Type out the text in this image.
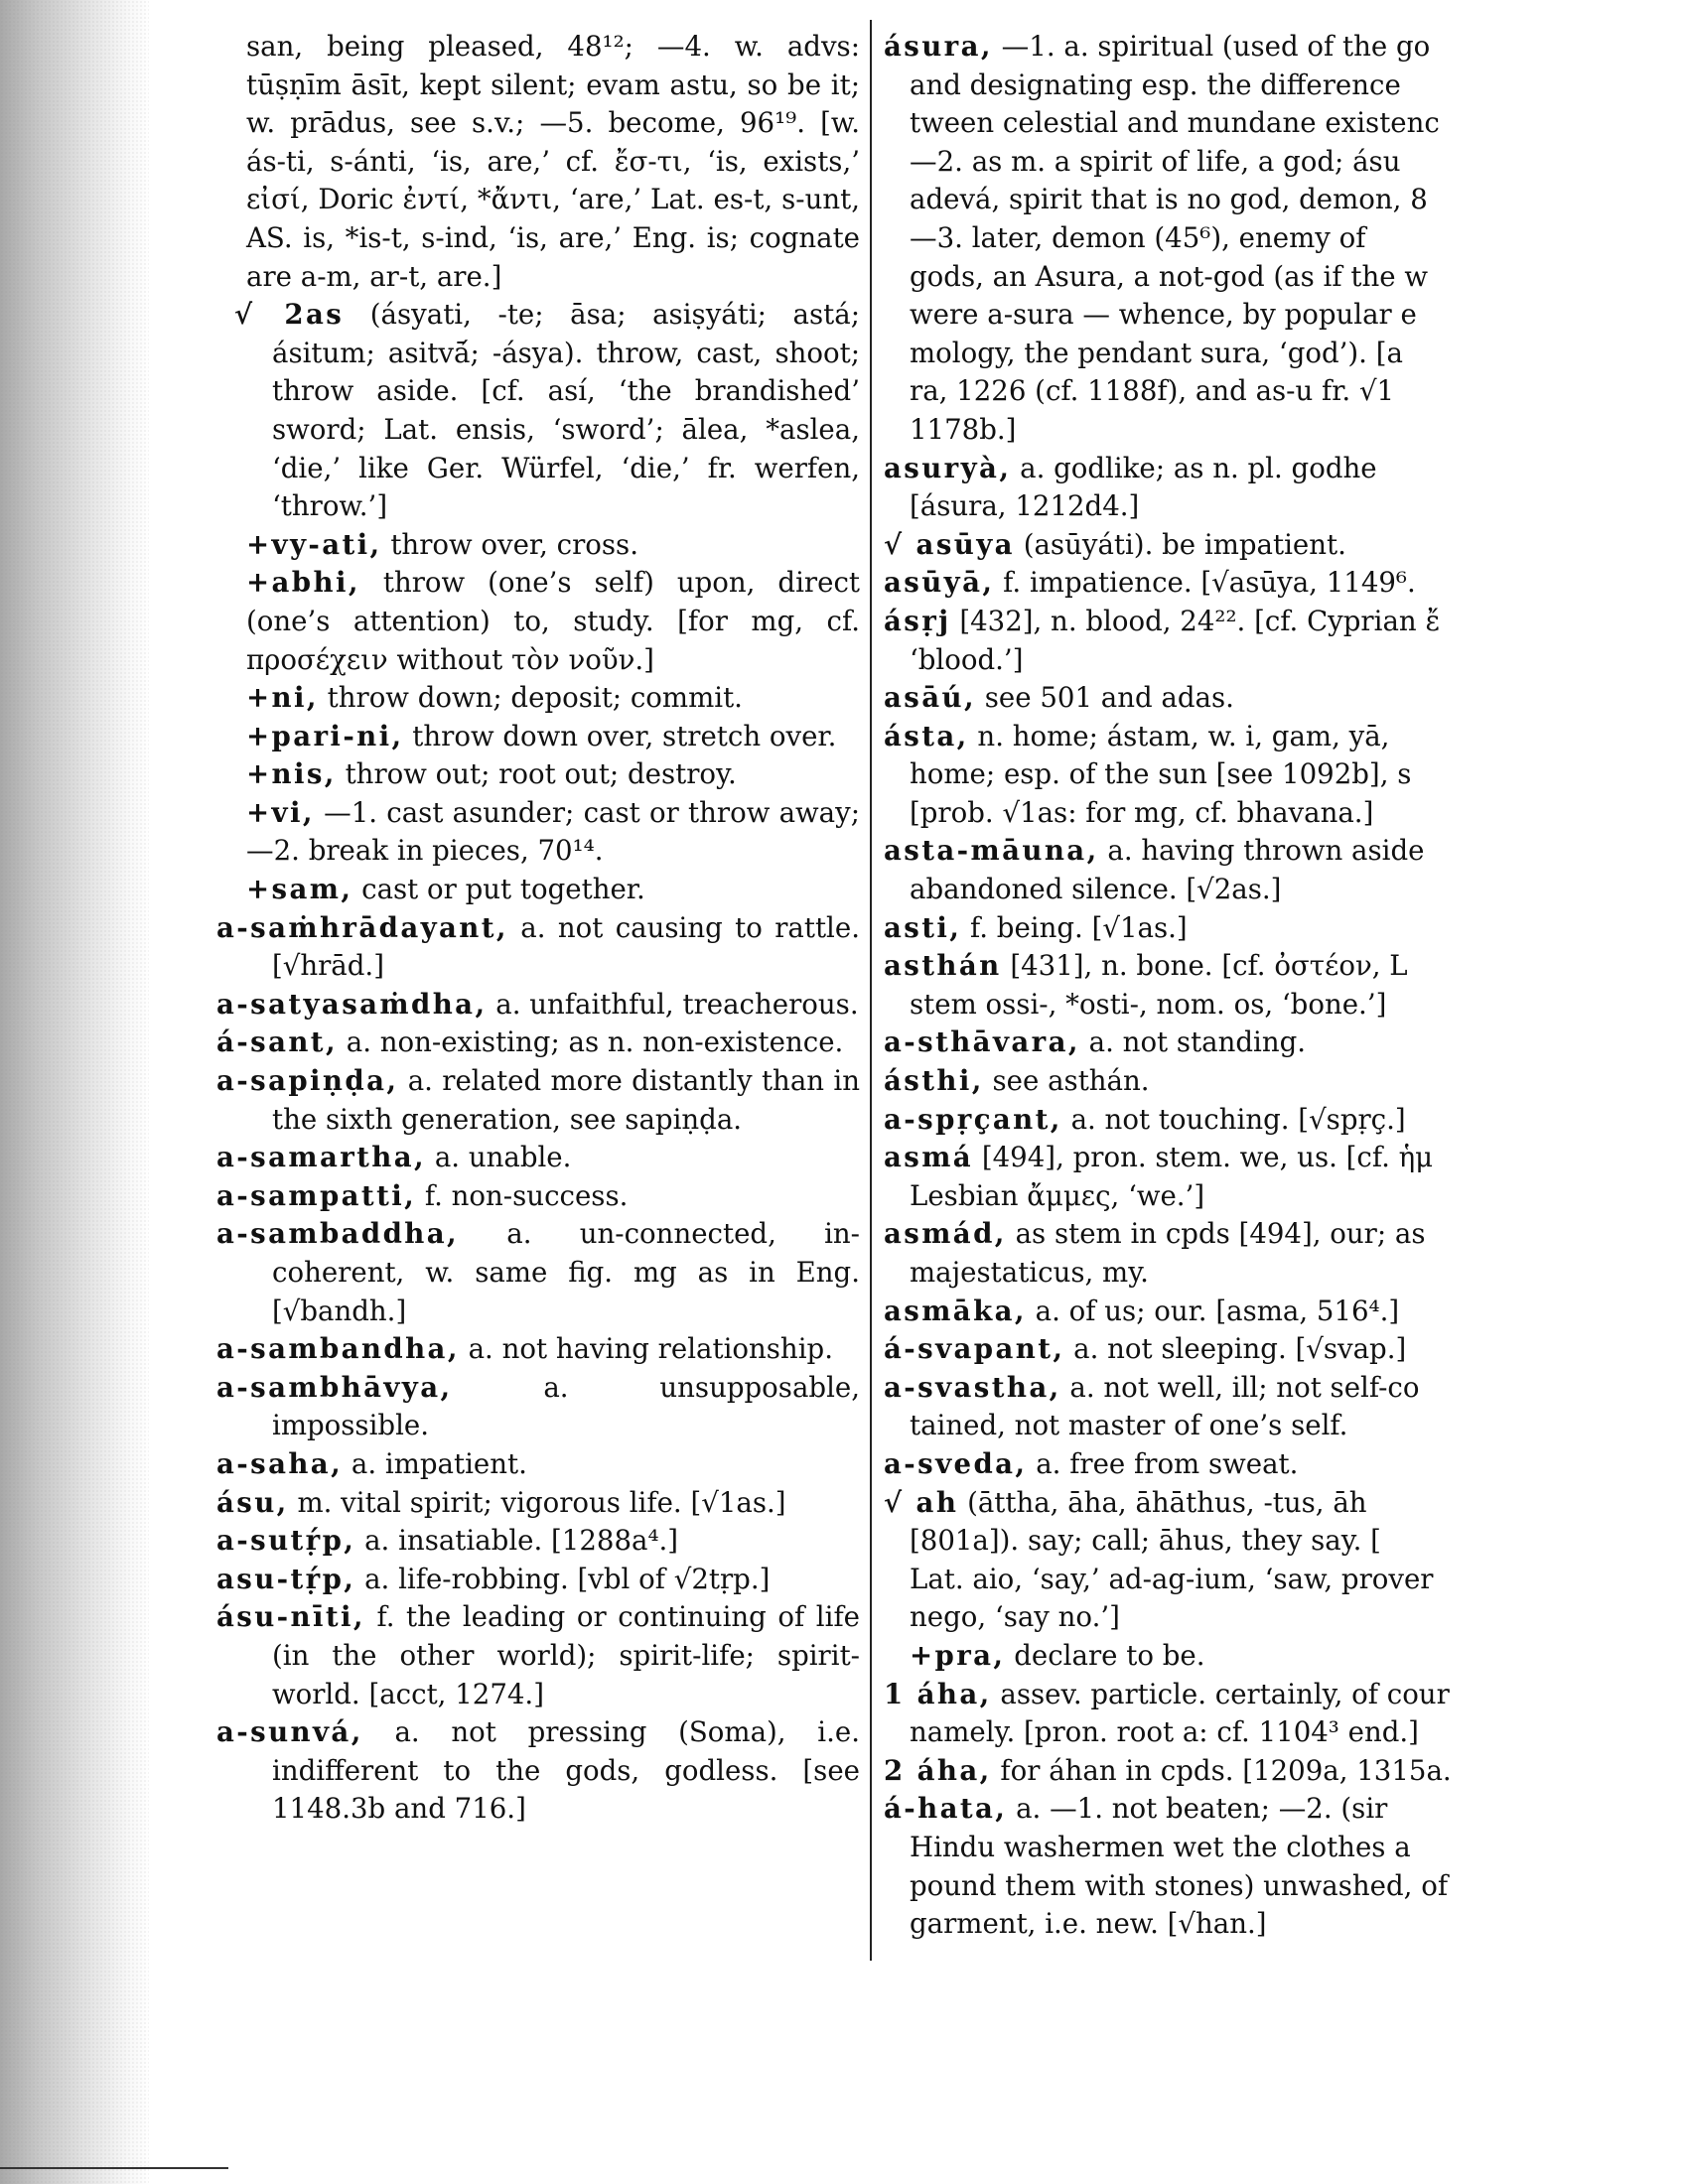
san, being pleased, 48¹²; —4. w. advs: tūṣṇīm āsīt, kept silent; evam astu, so be it; w. prādus, see s.v.; —5. become, 96¹⁹. [w. ás-ti, s-ánti, ‘is, are,’ cf. ἔσ-τι, ‘is, exists,’ εἰσί, Doric ἐντί, *ἄντι, ‘are,’ Lat. es-t, s-unt, AS. is, *is-t, s-ind, ‘is, are,’ Eng. is; cognate are a-m, ar-t, are.]

√ 2as (ásyati, -te; āsa; asiṣyáti; astá; ásitum; asitvā́; -ásya). throw, cast, shoot; throw aside. [cf. así, ‘the brandished’ sword; Lat. ensis, ‘sword’; ālea, *aslea, ‘die,’ like Ger. Würfel, ‘die,’ fr. werfen, ‘throw.’]

+vy-ati, throw over, cross.

+abhi, throw (one’s self) upon, direct (one’s attention) to, study. [for mg, cf. προσέχειν without τὸν νοῦν.]

+ni, throw down; deposit; commit.

+pari-ni, throw down over, stretch over.

+nis, throw out; root out; destroy.

+vi, —1. cast asunder; cast or throw away; —2. break in pieces, 70¹⁴.

+sam, cast or put together.

a-saṁhrādayant, a. not causing to rattle. [√hrād.]

a-satyasaṁdha, a. unfaithful, treacherous.

á-sant, a. non-existing; as n. non-existence.

a-sapiṇḍa, a. related more distantly than in the sixth generation, see sapiṇḍa.

a-samartha, a. unable.

a-sampatti, f. non-success.

a-sambaddha, a. un-connected, in-coherent, w. same fig. mg as in Eng. [√bandh.]

a-sambandha, a. not having relationship.

a-sambhāvya, a. unsupposable, impossible.

a-saha, a. impatient.

ásu, m. vital spirit; vigorous life. [√1as.]

a-sutṛ́p, a. insatiable. [1288a⁴.]

asu-tṛ́p, a. life-robbing. [vbl of √2tṛp.]

ásu-nīti, f. the leading or continuing of life (in the other world); spirit-life; spirit-world. [acct, 1274.]

a-sunvá, a. not pressing (Soma), i.e. indifferent to the gods, godless. [see 1148.3b and 716.]

ásura, —1. a. spiritual (used of the go
and designating esp. the difference
tween celestial and mundane existenc
—2. as m. a spirit of life, a god; ásu
adevá, spirit that is no god, demon, 8
—3. later, demon (45⁶), enemy of
gods, an Asura, a not-god (as if the w
were a-sura — whence, by popular e
mology, the pendant sura, ‘god’). [a
ra, 1226 (cf. 1188f), and as-u fr. √1
1178b.]
asuryà, a. godlike; as n. pl. godhe
[ásura, 1212d4.]
√ asūya (asūyáti). be impatient.
asūyā, f. impatience. [√asūya, 1149⁶.
ásṛj [432], n. blood, 24²². [cf. Cyprian ἔ
‘blood.’]
asāú, see 501 and adas.
ásta, n. home; ástam, w. i, gam, yā,
home; esp. of the sun [see 1092b], s
[prob. √1as: for mg, cf. bhavana.]
asta-māuna, a. having thrown aside
abandoned silence. [√2as.]
asti, f. being. [√1as.]
asthán [431], n. bone. [cf. ὀστέον, L
stem ossi-, *osti-, nom. os, ‘bone.’]
a-sthāvara, a. not standing.
ásthi, see asthán.
a-spṛçant, a. not touching. [√spṛç.]
asmá [494], pron. stem. we, us. [cf. ἡμ
Lesbian ἄμμες, ‘we.’]
asmád, as stem in cpds [494], our; as
majestaticus, my.
asmāka, a. of us; our. [asma, 516⁴.]
á-svapant, a. not sleeping. [√svap.]
a-svastha, a. not well, ill; not self-co
tained, not master of one’s self.
a-sveda, a. free from sweat.
√ ah (āttha, āha, āhāthus, -tus, āh
[801a]). say; call; āhus, they say. [
Lat. aio, ‘say,’ ad-ag-ium, ‘saw, prover
nego, ‘say no.’]
+pra, declare to be.
1 áha, assev. particle. certainly, of cour
namely. [pron. root a: cf. 1104³ end.]
2 áha, for áhan in cpds. [1209a, 1315a.
á-hata, a. —1. not beaten; —2. (sir
Hindu washermen wet the clothes a
pound them with stones) unwashed, of
garment, i.e. new. [√han.]
